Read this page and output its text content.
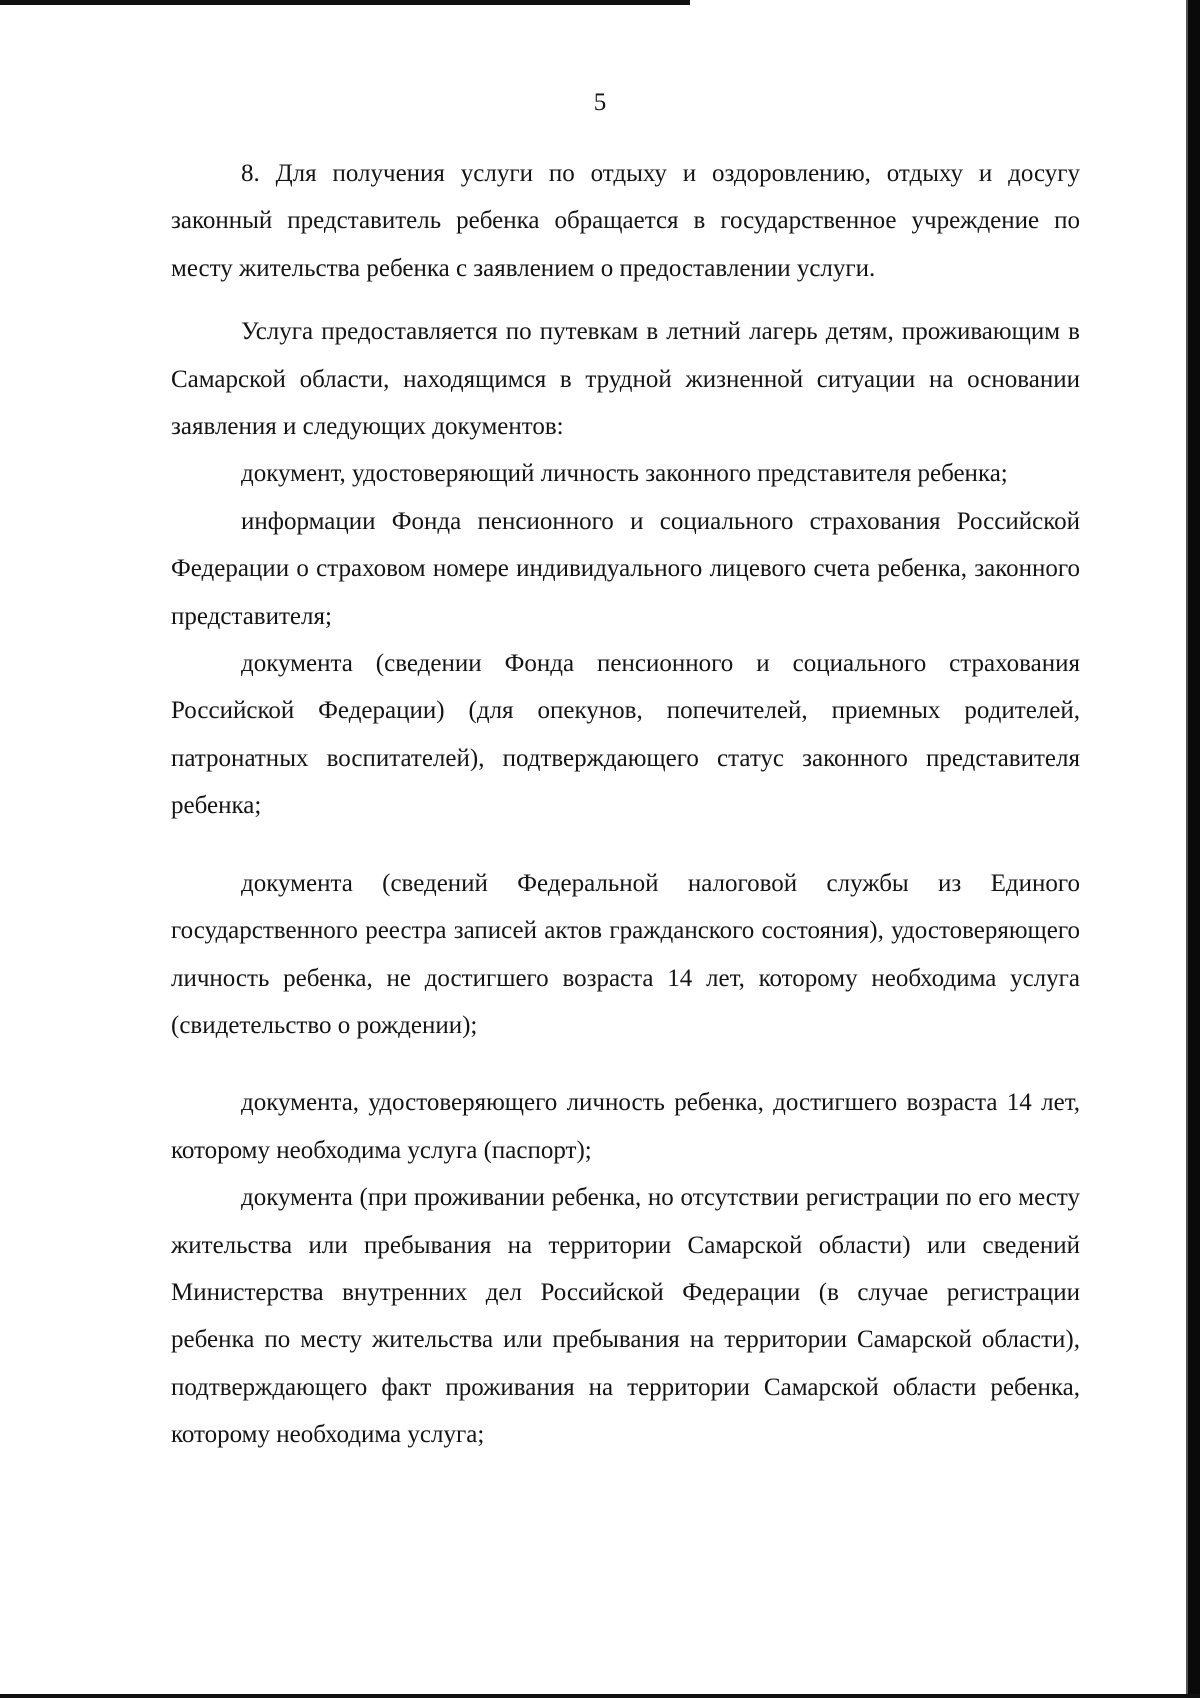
5

8. Для получения услуги по отдыху и оздоровлению, отдыху и досугу законный представитель ребенка обращается в государственное учреждение по месту жительства ребенка с заявлением о предоставлении услуги.

Услуга предоставляется по путевкам в летний лагерь детям, проживающим в Самарской области, находящимся в трудной жизненной ситуации на основании заявления и следующих документов:

документ, удостоверяющий личность законного представителя ребенка;

информации Фонда пенсионного и социального страхования Российской Федерации о страховом номере индивидуального лицевого счета ребенка, законного представителя;

документа (сведении Фонда пенсионного и социального страхования Российской Федерации) (для опекунов, попечителей, приемных родителей, патронатных воспитателей), подтверждающего статус законного представителя ребенка;

документа (сведений Федеральной налоговой службы из Единого государственного реестра записей актов гражданского состояния), удостоверяющего личность ребенка, не достигшего возраста 14 лет, которому необходима услуга (свидетельство о рождении);

документа, удостоверяющего личность ребенка, достигшего возраста 14 лет, которому необходима услуга (паспорт);

документа (при проживании ребенка, но отсутствии регистрации по его месту жительства или пребывания на территории Самарской области) или сведений Министерства внутренних дел Российской Федерации (в случае регистрации ребенка по месту жительства или пребывания на территории Самарской области), подтверждающего факт проживания на территории Самарской области ребенка, которому необходима услуга;
